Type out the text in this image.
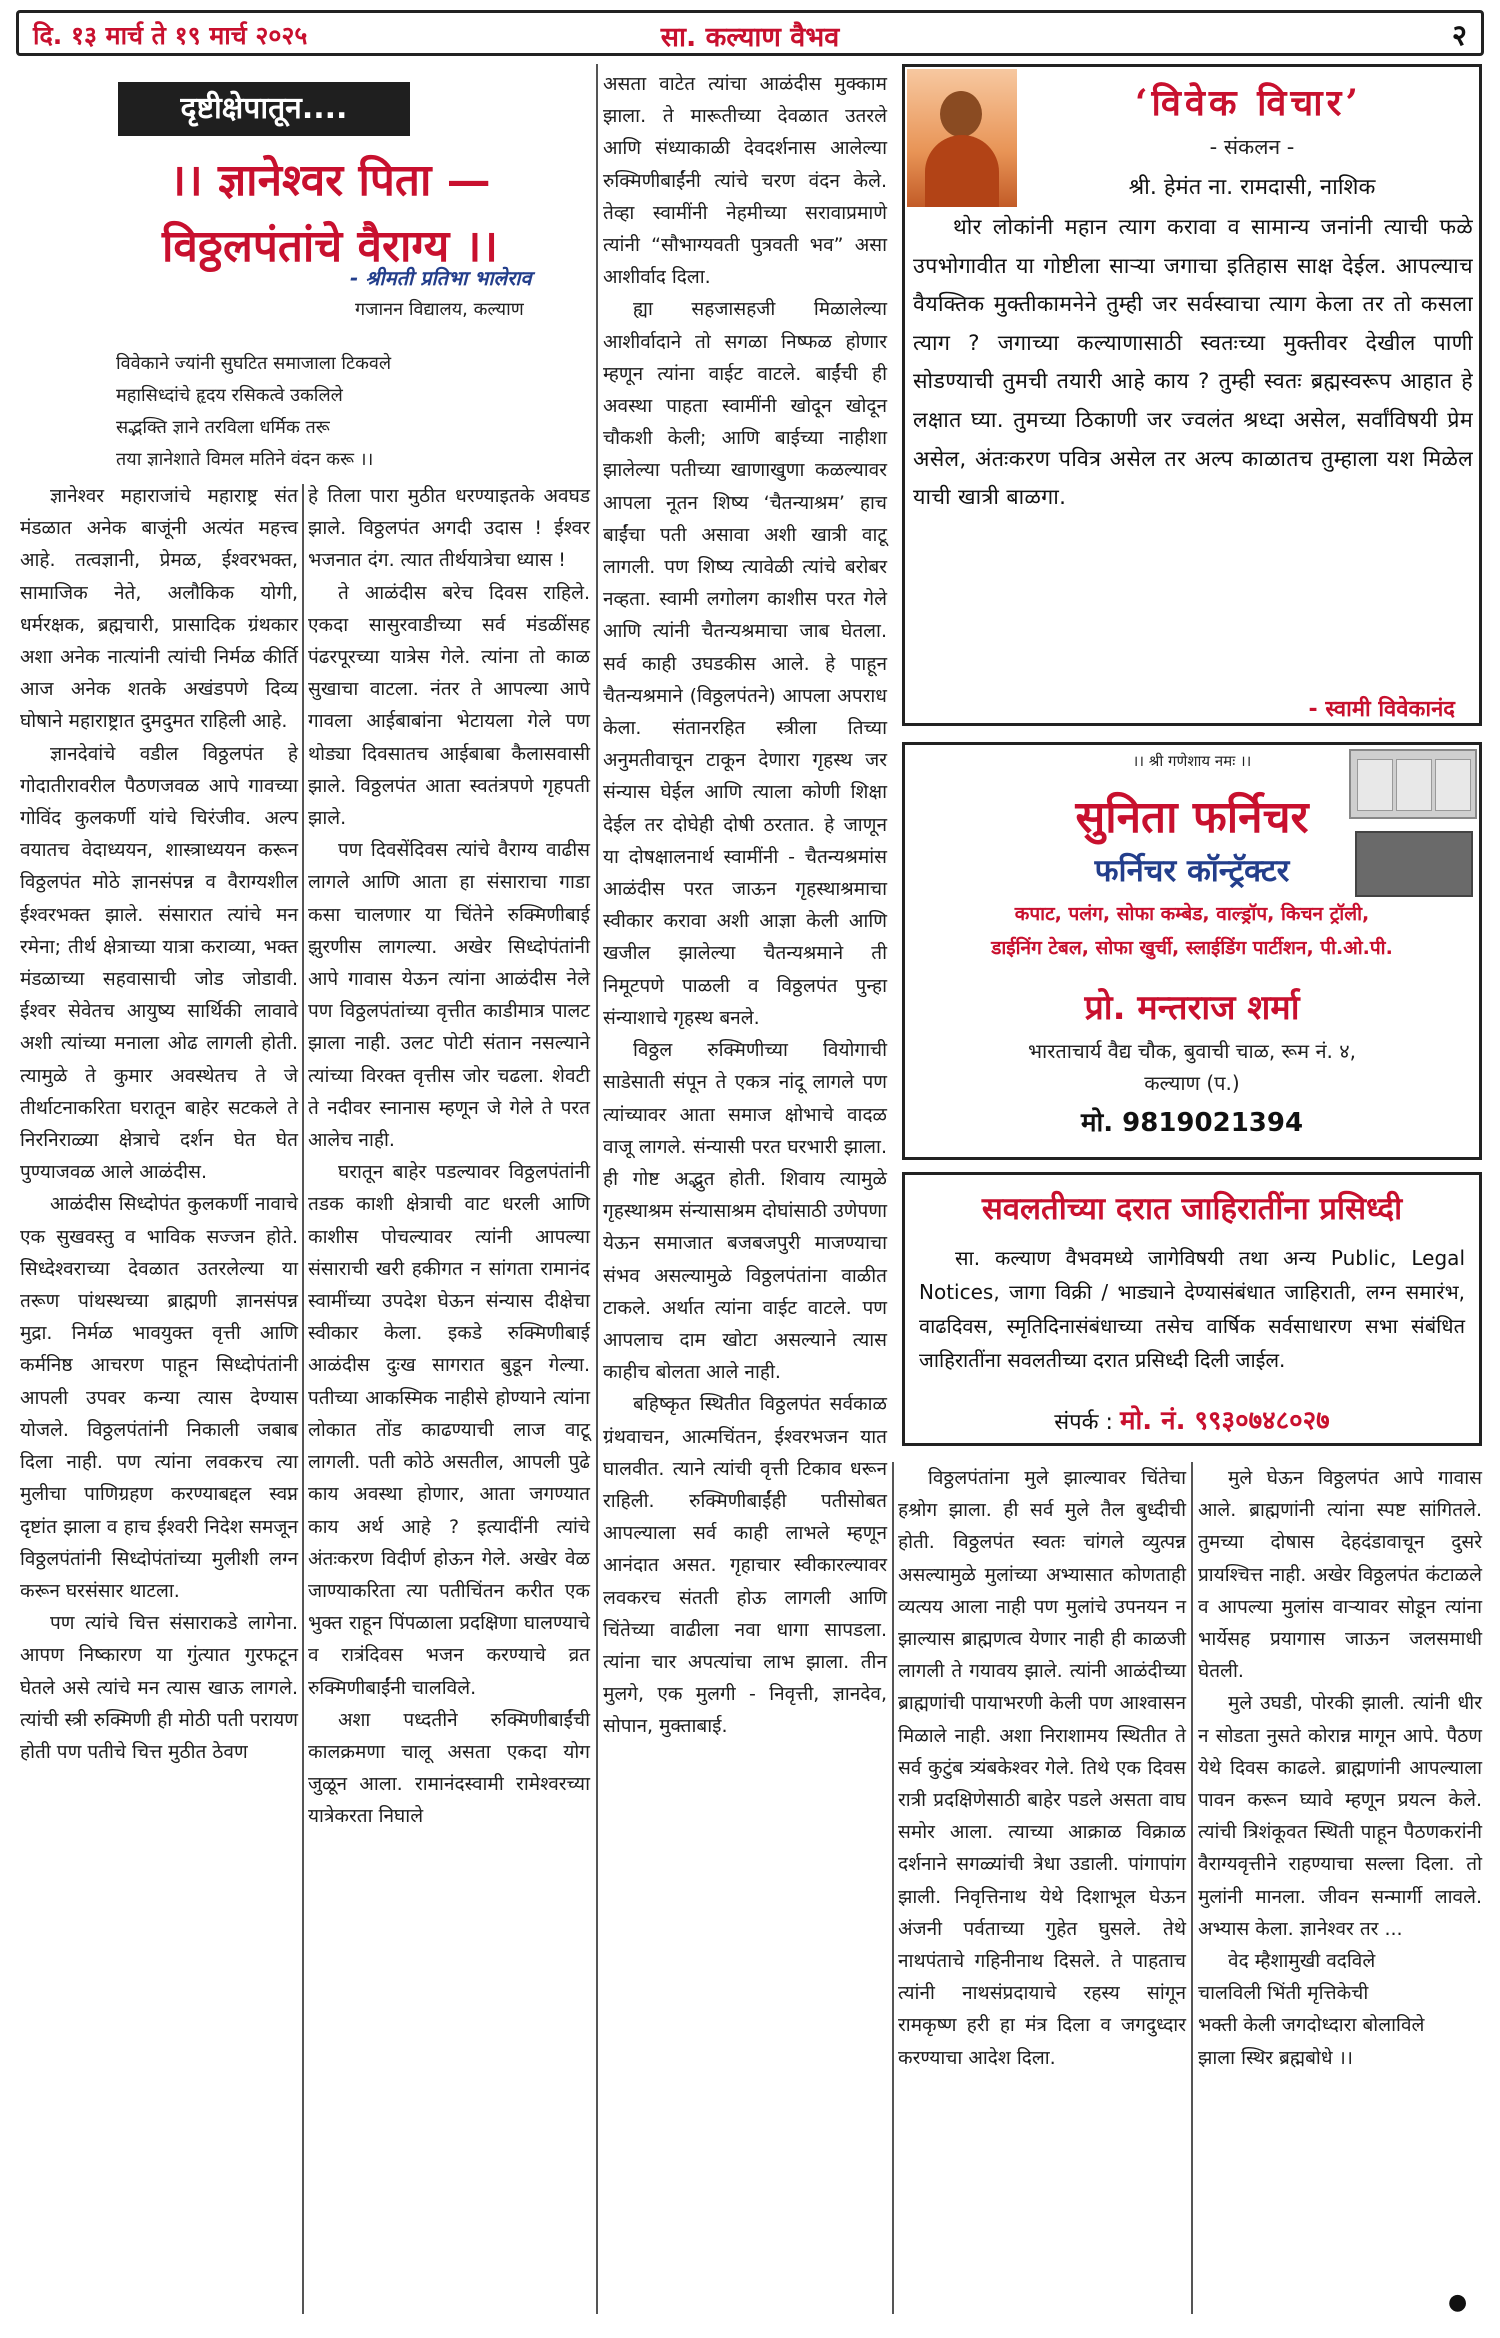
दि. १३ मार्च ते १९ मार्च २०२५	सा. कल्याण वैभव	२
दृष्टीक्षेपातून....
।। ज्ञानेश्वर पिता —
विठ्ठलपंतांचे वैराग्य ।।
- श्रीमती प्रतिभा भालेराव
गजानन विद्यालय, कल्याण
विवेकाने ज्यांनी सुघटित समाजाला टिकवले
महासिध्दांचे हृदय रसिकत्वे उकलिले
सद्भक्ति ज्ञाने तरविला धर्मिक तरू
तया ज्ञानेशाते विमल मतिने वंदन करू ।।

ज्ञानेश्वर महाराजांचे महाराष्ट्र संत मंडळात अनेक बाजूंनी अत्यंत महत्त्व आहे. तत्वज्ञानी, प्रेमळ, ईश्वरभक्त, सामाजिक नेते, अलौकिक योगी, धर्मरक्षक, ब्रह्मचारी, प्रासादिक ग्रंथकार अशा अनेक नात्यांनी त्यांची निर्मळ कीर्ति आज अनेक शतके अखंडपणे दिव्य घोषाने महाराष्ट्रात दुमदुमत राहिली आहे.

ज्ञानदेवांचे वडील विठ्ठलपंत हे गोदातीरावरील पैठणजवळ आपे गावच्या गोविंद कुलकर्णी यांचे चिरंजीव. अल्प वयातच वेदाध्ययन, शास्त्राध्ययन करून विठ्ठलपंत मोठे ज्ञानसंपन्न व वैराग्यशील ईश्वरभक्त झाले. संसारात त्यांचे मन रमेना; तीर्थ क्षेत्राच्या यात्रा कराव्या, भक्त मंडळाच्या सहवासाची जोड जोडावी. ईश्वर सेवेतच आयुष्य सार्थिकी लावावे अशी त्यांच्या मनाला ओढ लागली होती. त्यामुळे ते कुमार अवस्थेतच ते जे तीर्थाटनाकरिता घरातून बाहेर सटकले ते निरनिराळ्या क्षेत्राचे दर्शन घेत घेत पुण्याजवळ आले आळंदीस.

आळंदीस सिध्दोपंत कुलकर्णी नावाचे एक सुखवस्तु व भाविक सज्जन होते. सिध्देश्वराच्या देवळात उतरलेल्या या तरूण पांथस्थच्या ब्राह्मणी ज्ञानसंपन्न मुद्रा. निर्मळ भावयुक्त वृत्ती आणि कर्मनिष्ठ आचरण पाहून सिध्दोपंतांनी आपली उपवर कन्या त्यास देण्यास योजले. विठ्ठलपंतांनी निकाली जबाब दिला नाही. पण त्यांना लवकरच त्या मुलीचा पाणिग्रहण करण्याबद्दल स्वप्न दृष्टांत झाला व हाच ईश्वरी निदेश समजून विठ्ठलपंतांनी सिध्दोपंतांच्या मुलीशी लग्न करून घरसंसार थाटला.

पण त्यांचे चित्त संसाराकडे लागेना. आपण निष्कारण या गुंत्यात गुरफटून घेतले असे त्यांचे मन त्यास खाऊ लागले. त्यांची स्त्री रुक्मिणी ही मोठी पती परायण होती पण पतीचे चित्त मुठीत ठेवण

हे तिला पारा मुठीत धरण्याइतके अवघड झाले. विठ्ठलपंत अगदी उदास ! ईश्वर भजनात दंग. त्यात तीर्थयात्रेचा ध्यास !

ते आळंदीस बरेच दिवस राहिले. एकदा सासुरवाडीच्या सर्व मंडळींसह पंढरपूरच्या यात्रेस गेले. त्यांना तो काळ सुखाचा वाटला. नंतर ते आपल्या आपे गावला आईबाबांना भेटायला गेले पण थोड्या दिवसातच आईबाबा कैलासवासी झाले. विठ्ठलपंत आता स्वतंत्रपणे गृहपती झाले.

पण दिवसेंदिवस त्यांचे वैराग्य वाढीस लागले आणि आता हा संसाराचा गाडा कसा चालणार या चिंतेने रुक्मिणीबाई झुरणीस लागल्या. अखेर सिध्दोपंतांनी आपे गावास येऊन त्यांना आळंदीस नेले पण विठ्ठलपंतांच्या वृत्तीत काडीमात्र पालट झाला नाही. उलट पोटी संतान नसल्याने त्यांच्या विरक्त वृत्तीस जोर चढला. शेवटी ते नदीवर स्नानास म्हणून जे गेले ते परत आलेच नाही.

घरातून बाहेर पडल्यावर विठ्ठलपंतांनी तडक काशी क्षेत्राची वाट धरली आणि काशीस पोचल्यावर त्यांनी आपल्या संसाराची खरी हकीगत न सांगता रामानंद स्वामींच्या उपदेश घेऊन संन्यास दीक्षेचा स्वीकार केला. इकडे रुक्मिणीबाई आळंदीस दुःख सागरात बुडून गेल्या. पतीच्या आकस्मिक नाहीसे होण्याने त्यांना लोकात तोंड काढण्याची लाज वाटू लागली. पती कोठे असतील, आपली पुढे काय अवस्था होणार, आता जगण्यात काय अर्थ आहे ? इत्यादींनी त्यांचे अंतःकरण विदीर्ण होऊन गेले. अखेर वेळ जाण्याकरिता त्या पतीचिंतन करीत एक भुक्त राहून पिंपळाला प्रदक्षिणा घालण्याचे व रात्रंदिवस भजन करण्याचे व्रत रुक्मिणीबाईंनी चालविले.

अशा पध्दतीने रुक्मिणीबाईंची कालक्रमणा चालू असता एकदा योग जुळून आला. रामानंदस्वामी रामेश्वरच्या यात्रेकरता निघाले

असता वाटेत त्यांचा आळंदीस मुक्काम झाला. ते मारूतीच्या देवळात उतरले आणि संध्याकाळी देवदर्शनास आलेल्या रुक्मिणीबाईंनी त्यांचे चरण वंदन केले. तेव्हा स्वामींनी नेहमीच्या सरावाप्रमाणे त्यांनी “सौभाग्यवती पुत्रवती भव” असा आशीर्वाद दिला.

ह्या सहजासहजी मिळालेल्या आशीर्वादाने तो सगळा निष्फळ होणार म्हणून त्यांना वाईट वाटले. बाईंची ही अवस्था पाहता स्वामींनी खोदून खोदून चौकशी केली; आणि बाईच्या नाहीशा झालेल्या पतीच्या खाणाखुणा कळल्यावर आपला नूतन शिष्य ‘चैतन्याश्रम’ हाच बाईंचा पती असावा अशी खात्री वाटू लागली. पण शिष्य त्यावेळी त्यांचे बरोबर नव्हता. स्वामी लगोलग काशीस परत गेले आणि त्यांनी चैतन्यश्रमाचा जाब घेतला. सर्व काही उघडकीस आले. हे पाहून चैतन्यश्रमाने (विठ्ठलपंतने) आपला अपराध केला. संतानरहित स्त्रीला तिच्या अनुमतीवाचून टाकून देणारा गृहस्थ जर संन्यास घेईल आणि त्याला कोणी शिक्षा देईल तर दोघेही दोषी ठरतात. हे जाणून या दोषक्षालनार्थ स्वामींनी - चैतन्यश्रमांस आळंदीस परत जाऊन गृहस्थाश्रमाचा स्वीकार करावा अशी आज्ञा केली आणि खजील झालेल्या चैतन्यश्रमाने ती निमूटपणे पाळली व विठ्ठलपंत पुन्हा संन्याशाचे गृहस्थ बनले.

विठ्ठल रुक्मिणीच्या वियोगाची साडेसाती संपून ते एकत्र नांदू लागले पण त्यांच्यावर आता समाज क्षोभाचे वादळ वाजू लागले. संन्यासी परत घरभारी झाला. ही गोष्ट अद्भुत होती. शिवाय त्यामुळे गृहस्थाश्रम संन्यासाश्रम दोघांसाठी उणेपणा येऊन समाजात बजबजपुरी माजण्याचा संभव असल्यामुळे विठ्ठलपंतांना वाळीत टाकले. अर्थात त्यांना वाईट वाटले. पण आपलाच दाम खोटा असल्याने त्यास काहीच बोलता आले नाही.

बहिष्कृत स्थितीत विठ्ठलपंत सर्वकाळ ग्रंथवाचन, आत्मचिंतन, ईश्वरभजन यात घालवीत. त्याने त्यांची वृत्ती टिकाव धरून राहिली. रुक्मिणीबाईंही पतीसोबत आपल्याला सर्व काही लाभले म्हणून आनंदात असत. गृहाचार स्वीकारल्यावर लवकरच संतती होऊ लागली आणि चिंतेच्या वाढीला नवा धागा सापडला. त्यांना चार अपत्यांचा लाभ झाला. तीन मुलगे, एक मुलगी - निवृत्ती, ज्ञानदेव, सोपान, मुक्ताबाई.

‘विवेक विचार’
- संकलन -
श्री. हेमंत ना. रामदासी, नाशिक

थोर लोकांनी महान त्याग करावा व सामान्य जनांनी त्याची फळे उपभोगावीत या गोष्टीला साऱ्या जगाचा इतिहास साक्ष देईल. आपल्याच वैयक्तिक मुक्तीकामनेने तुम्ही जर सर्वस्वाचा त्याग केला तर तो कसला त्याग ? जगाच्या कल्याणासाठी स्वतःच्या मुक्तीवर देखील पाणी सोडण्याची तुमची तयारी आहे काय ? तुम्ही स्वतः ब्रह्मस्वरूप आहात हे लक्षात घ्या. तुमच्या ठिकाणी जर ज्वलंत श्रध्दा असेल, सर्वांविषयी प्रेम असेल, अंतःकरण पवित्र असेल तर अल्प काळातच तुम्हाला यश मिळेल याची खात्री बाळगा.

- स्वामी विवेकानंद
।। श्री गणेशाय नमः ।।
सुनिता फर्निचर
फर्निचर कॉन्ट्रॅक्टर
कपाट, पलंग, सोफा कम्बेड, वाल्ड्रॉप, किचन ट्रॉली,
डाईनिंग टेबल, सोफा खुर्ची, स्लाईडिंग पार्टीशन, पी.ओ.पी.
प्रो. मन्तराज शर्मा
भारताचार्य वैद्य चौक, बुवाची चाळ, रूम नं. ४,
कल्याण (प.)
मो. 9819021394
सवलतीच्या दरात जाहिरातींना प्रसिध्दी

सा. कल्याण वैभवमध्ये जागेविषयी तथा अन्य Public, Legal Notices, जागा विक्री / भाड्याने देण्यासंबंधात जाहिराती, लग्न समारंभ, वाढदिवस, स्मृतिदिनासंबंधाच्या तसेच वार्षिक सर्वसाधारण सभा संबंधित जाहिरातींना सवलतीच्या दरात प्रसिध्दी दिली जाईल.

संपर्क : मो. नं. ९९३०७४८०२७

विठ्ठलपंतांना मुले झाल्यावर चिंतेचा हश्रोग झाला. ही सर्व मुले तैल बुध्दीची होती. विठ्ठलपंत स्वतः चांगले व्युत्पन्न असल्यामुळे मुलांच्या अभ्यासात कोणताही व्यत्यय आला नाही पण मुलांचे उपनयन न झाल्यास ब्राह्मणत्व येणार नाही ही काळजी लागली ते गयावय झाले. त्यांनी आळंदीच्या ब्राह्मणांची पायाभरणी केली पण आश्वासन मिळाले नाही. अशा निराशामय स्थितीत ते सर्व कुटुंब त्र्यंबकेश्वर गेले. तिथे एक दिवस रात्री प्रदक्षिणेसाठी बाहेर पडले असता वाघ समोर आला. त्याच्या आक्राळ विक्राळ दर्शनाने सगळ्यांची त्रेधा उडाली. पांगापांग झाली. निवृत्तिनाथ येथे दिशाभूल घेऊन अंजनी पर्वताच्या गुहेत घुसले. तेथे नाथपंताचे गहिनीनाथ दिसले. ते पाहताच त्यांनी नाथसंप्रदायाचे रहस्य सांगून रामकृष्ण हरी हा मंत्र दिला व जगदुध्दार करण्याचा आदेश दिला.

मुले घेऊन विठ्ठलपंत आपे गावास आले. ब्राह्मणांनी त्यांना स्पष्ट सांगितले. तुमच्या दोषास देहदंडावाचून दुसरे प्रायश्चित्त नाही. अखेर विठ्ठलपंत कंटाळले व आपल्या मुलांस वाऱ्यावर सोडून त्यांना भार्येसह प्रयागास जाऊन जलसमाधी घेतली.

मुले उघडी, पोरकी झाली. त्यांनी धीर न सोडता नुसते कोरान्न मागून आपे. पैठण येथे दिवस काढले. ब्राह्मणांनी आपल्याला पावन करून घ्यावे म्हणून प्रयत्न केले. त्यांची त्रिशंकूवत स्थिती पाहून पैठणकरांनी वैराग्यवृत्तीने राहण्याचा सल्ला दिला. तो मुलांनी मानला. जीवन सन्मार्गी लावले. अभ्यास केला. ज्ञानेश्वर तर ...

वेद म्हैशामुखी वदविले

चालविली भिंती मृत्तिकेची

भक्ती केली जगदोध्दारा बोलाविले

झाला स्थिर ब्रह्मबोधे ।।

●
